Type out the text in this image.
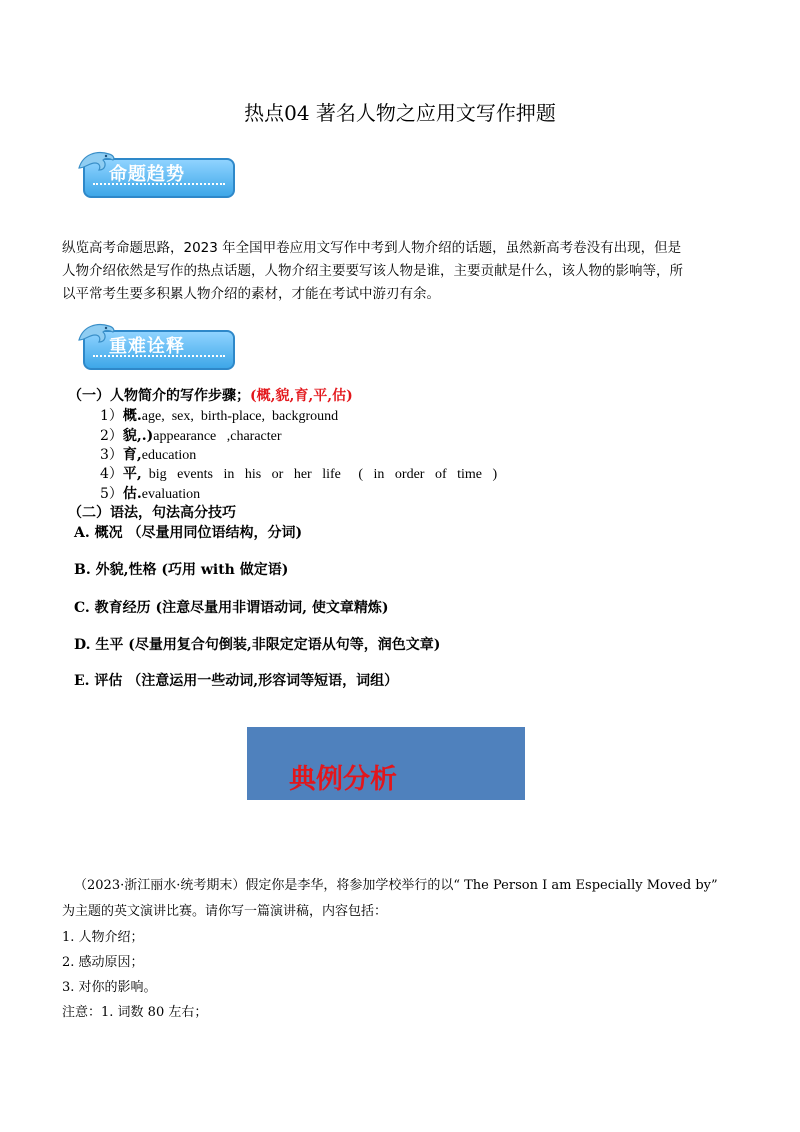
热点04 著名人物之应用文写作押题
命题趋势
纵览高考命题思路，2023 年全国甲卷应用文写作中考到人物介绍的话题，虽然新高考卷没有出现，但是
人物介绍依然是写作的热点话题，人物介绍主要要写该人物是谁，主要贡献是什么，该人物的影响等，所
以平常考生要多积累人物介绍的素材，才能在考试中游刃有余。
重难诠释
（一）人物简介的写作步骤；(概,貌,育,平,估)
1）概.age,  sex,  birth-place,  background
2）貌,.)appearance   ,character
3）育,education
4）平,  big   events   in   his   or   her   life     (   in   order   of   time   )
5）估.evaluation
（二）语法，句法高分技巧
A. 概况 （尽量用同位语结构，分词)
B. 外貌,性格 (巧用 with 做定语)
C. 教育经历 (注意尽量用非谓语动词, 使文章精炼)
D. 生平 (尽量用复合句倒装,非限定定语从句等，润色文章)
E. 评估 （注意运用一些动词,形容词等短语，词组）
典例分析
（2023·浙江丽水·统考期末）假定你是李华，将参加学校举行的以“ The Person I am Especially Moved by”
为主题的英文演讲比赛。请你写一篇演讲稿，内容包括：
1. 人物介绍；
2. 感动原因；
3. 对你的影响。
注意：1. 词数 80 左右；
